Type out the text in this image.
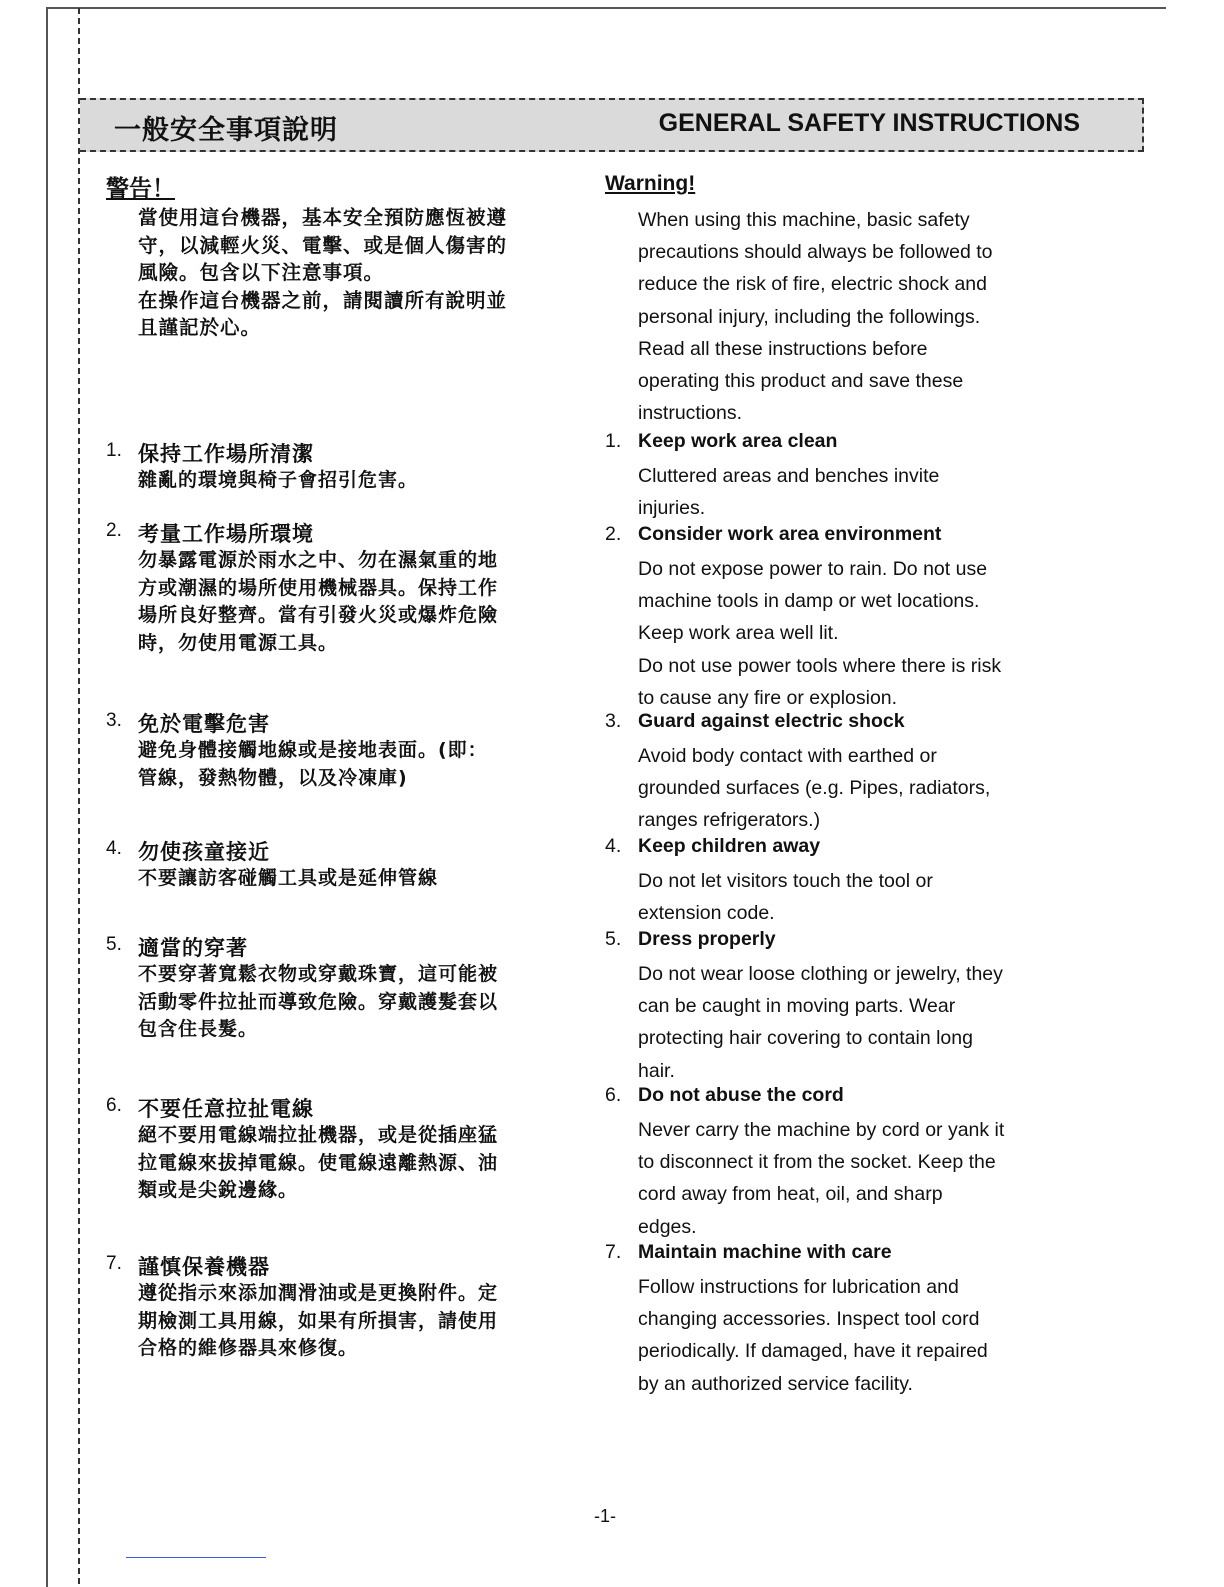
一般安全事項說明	GENERAL SAFETY INSTRUCTIONS
警告！
當使用這台機器，基本安全預防應恆被遵
守，以減輕火災、電擊、或是個人傷害的
風險。包含以下注意事項。
在操作這台機器之前，請閱讀所有說明並
且謹記於心。
1. 保持工作場所清潔
雜亂的環境與椅子會招引危害。
2. 考量工作場所環境
勿暴露電源於雨水之中、勿在濕氣重的地
方或潮濕的場所使用機械器具。保持工作
場所良好整齊。當有引發火災或爆炸危險
時，勿使用電源工具。
3. 免於電擊危害
避免身體接觸地線或是接地表面。(即：
管線，發熱物體，以及冷凍庫)
4. 勿使孩童接近
不要讓訪客碰觸工具或是延伸管線
5. 適當的穿著
不要穿著寬鬆衣物或穿戴珠寶，這可能被
活動零件拉扯而導致危險。穿戴護髮套以
包含住長髮。
6. 不要任意拉扯電線
絕不要用電線端拉扯機器，或是從插座猛
拉電線來拔掉電線。使電線遠離熱源、油
類或是尖銳邊緣。
7. 謹慎保養機器
遵從指示來添加潤滑油或是更換附件。定
期檢測工具用線，如果有所損害，請使用
合格的維修器具來修復。
Warning!
When using this machine, basic safety
precautions should always be followed to
reduce the risk of fire, electric shock and
personal injury, including the followings.
Read all these instructions before
operating this product and save these
instructions.
1. Keep work area clean
Cluttered areas and benches invite
injuries.
2. Consider work area environment
Do not expose power to rain. Do not use
machine tools in damp or wet locations.
Keep work area well lit.
Do not use power tools where there is risk
to cause any fire or explosion.
3. Guard against electric shock
Avoid body contact with earthed or
grounded surfaces (e.g. Pipes, radiators,
ranges refrigerators.)
4. Keep children away
Do not let visitors touch the tool or
extension code.
5. Dress properly
Do not wear loose clothing or jewelry, they
can be caught in moving parts. Wear
protecting hair covering to contain long
hair.
6. Do not abuse the cord
Never carry the machine by cord or yank it
to disconnect it from the socket. Keep the
cord away from heat, oil, and sharp
edges.
7. Maintain machine with care
Follow instructions for lubrication and
changing accessories. Inspect tool cord
periodically. If damaged, have it repaired
by an authorized service facility.
-1-
